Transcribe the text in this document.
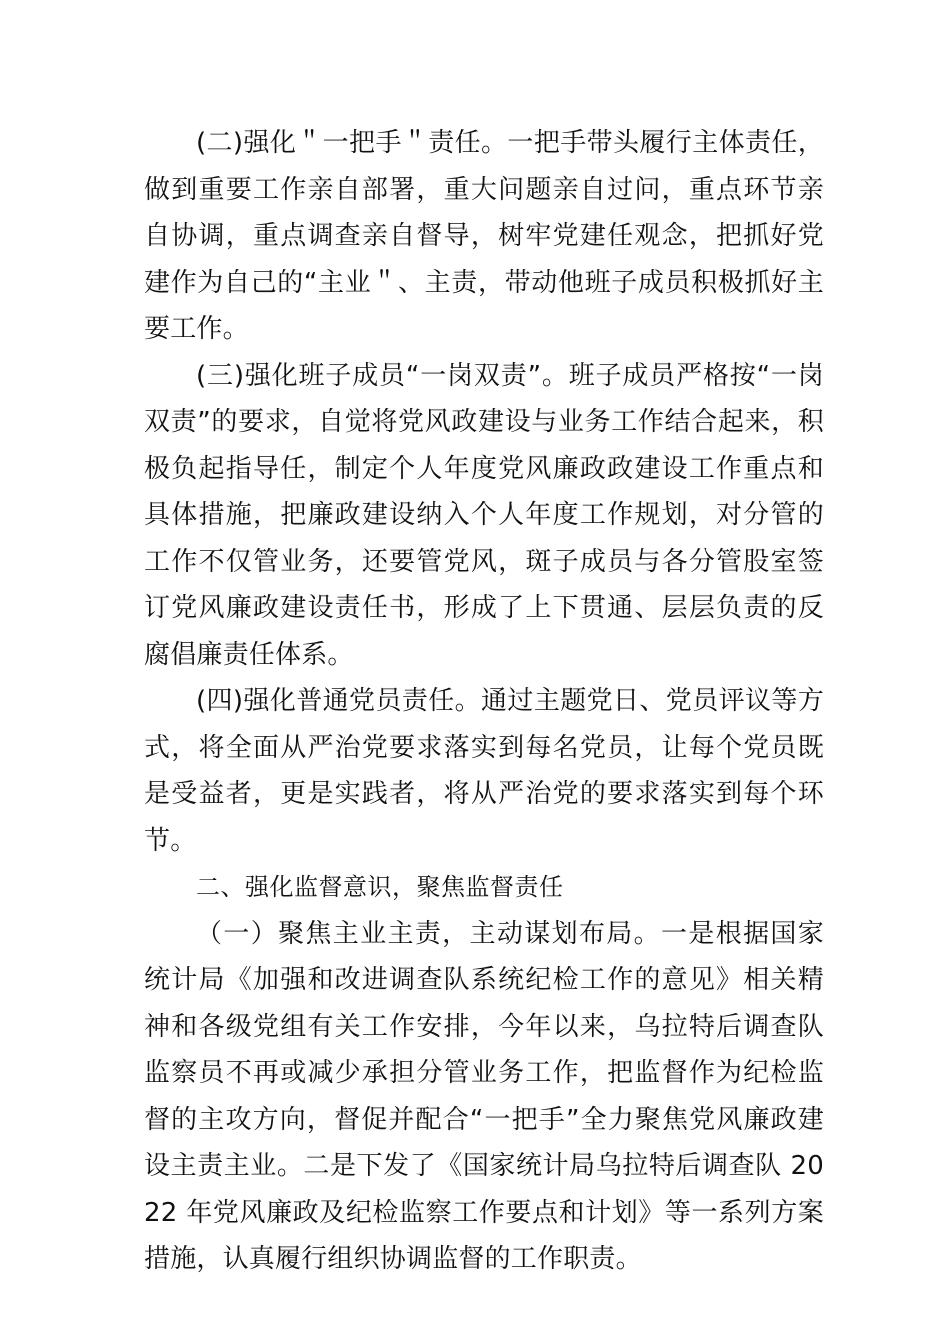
(二)强化＂一把手＂责任。一把手带头履行主体责任， 做到重要工作亲自部署，重大问题亲自过问，重点环节亲自协调，重点调查亲自督导，树牢党建任观念，把抓好党建作为自己的“主业＂、主责，带动他班子成员积极抓好主要工作。

(三)强化班子成员“一岗双责”。班子成员严格按“一岗双责”的要求，自觉将党风政建设与业务工作结合起来，积极负起指导任，制定个人年度党风廉政政建设工作重点和具体措施，把廉政建设纳入个人年度工作规划，对分管的工作不仅管业务，还要管党风，斑子成员与各分管股室签订党风廉政建设责任书，形成了上下贯通、层层负责的反腐倡廉责任体系。

(四)强化普通党员责任。通过主题党日、党员评议等方式，将全面从严治党要求落实到每名党员，让每个党员既是受益者，更是实践者，将从严治党的要求落实到每个环节。

二、强化监督意识，聚焦监督责任

（一）聚焦主业主责，主动谋划布局。一是根据国家统计局《加强和改进调查队系统纪检工作的意见》相关精神和各级党组有关工作安排，今年以来，乌拉特后调查队监察员不再或减少承担分管业务工作，把监督作为纪检监督的主攻方向，督促并配合“一把手”全力聚焦党风廉政建设主责主业。二是下发了《国家统计局乌拉特后调查队 2022 年党风廉政及纪检监察工作要点和计划》等一系列方案措施，认真履行组织协调监督的工作职责。
